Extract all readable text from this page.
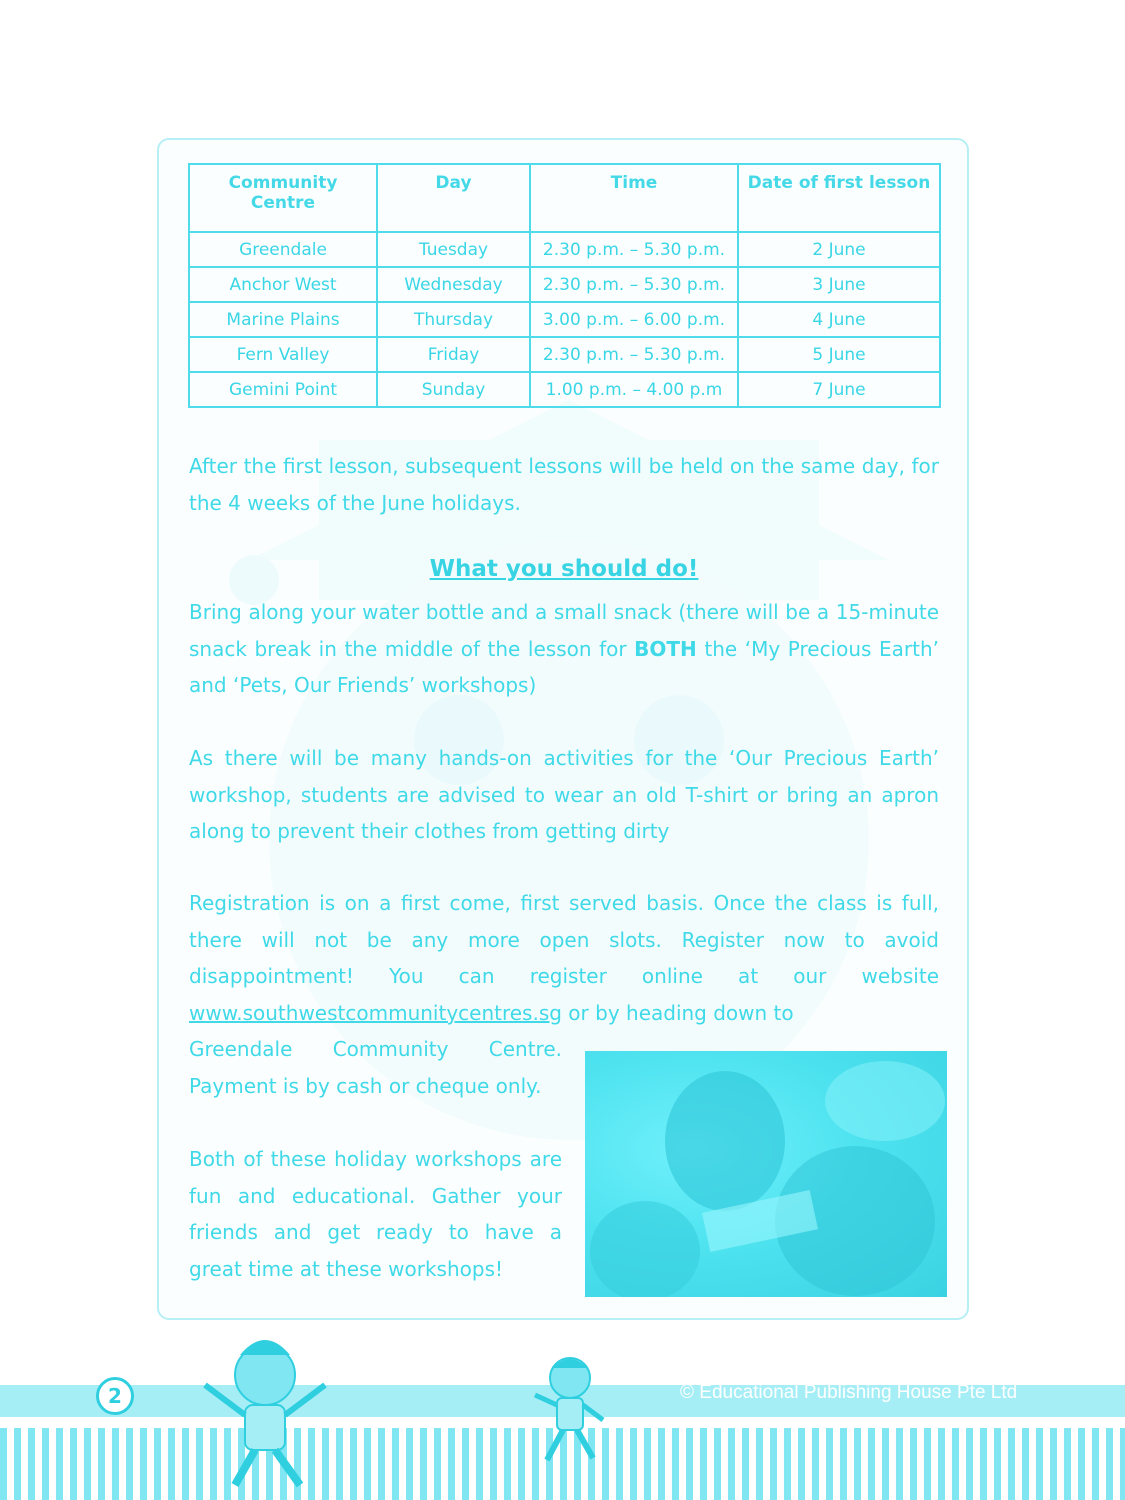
Community Centre	Day	Time	Date of first lesson
Greendale	Tuesday	2.30 p.m. – 5.30 p.m.	2 June
Anchor West	Wednesday	2.30 p.m. – 5.30 p.m.	3 June
Marine Plains	Thursday	3.00 p.m. – 6.00 p.m.	4 June
Fern Valley	Friday	2.30 p.m. – 5.30 p.m.	5 June
Gemini Point	Sunday	1.00 p.m. – 4.00 p.m	7 June
After the first lesson, subsequent lessons will be held on the same day, for the 4 weeks of the June holidays.
What you should do!
Bring along your water bottle and a small snack (there will be a 15-minute snack break in the middle of the lesson for BOTH the ‘My Precious Earth’ and ‘Pets, Our Friends’ workshops)
As there will be many hands-on activities for the ‘Our Precious Earth’ workshop, students are advised to wear an old T-shirt or bring an apron along to prevent their clothes from getting dirty
Registration is on a first come, first served basis. Once the class is full, there will not be any more open slots. Register now to avoid disappointment! You can register online at our website www.southwestcommunitycentres.sg or by heading down to
Greendale Community Centre. Payment is by cash or cheque only.
Both of these holiday workshops are fun and educational. Gather your friends and get ready to have a great time at these workshops!
2	© Educational Publishing House Pte Ltd
